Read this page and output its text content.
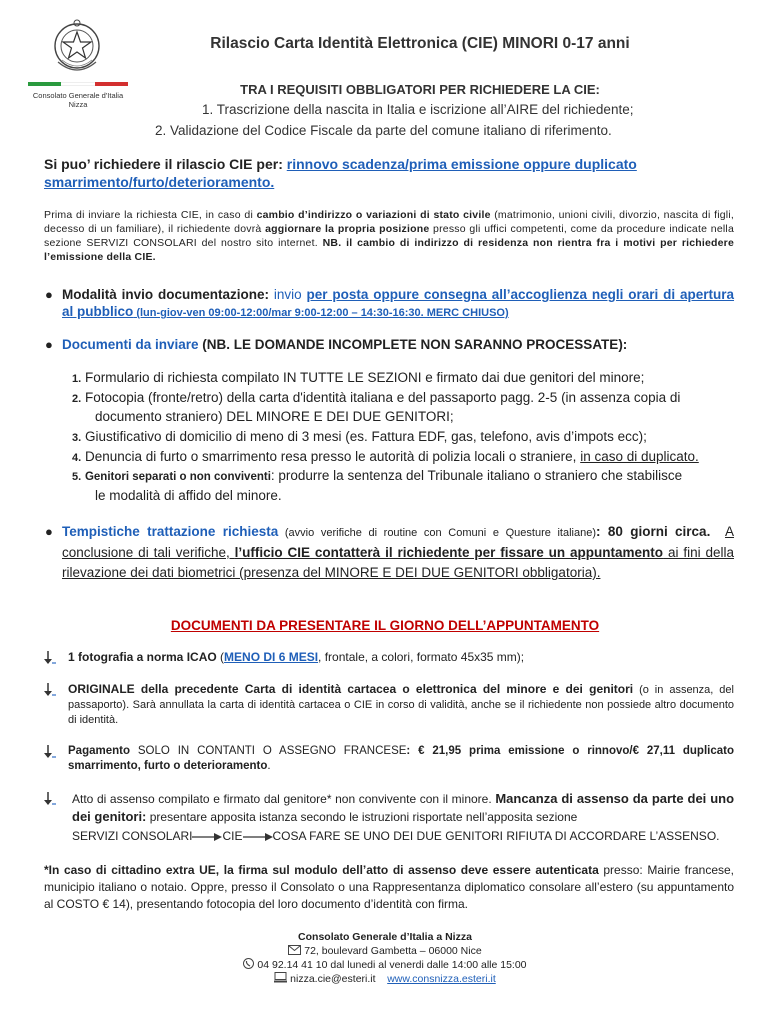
Consolato Generale d'Italia
Nizza
Rilascio Carta Identità Elettronica (CIE) MINORI 0-17 anni
TRA I REQUISITI OBBLIGATORI PER RICHIEDERE LA CIE:
1. Trascrizione della nascita in Italia e iscrizione all’AIRE del richiedente;
2. Validazione del Codice Fiscale da parte del comune italiano di riferimento.
Si puo’ richiedere il rilascio CIE per: rinnovo scadenza/prima emissione oppure duplicato
smarrimento/furto/deterioramento.
Prima di inviare la richiesta CIE, in caso di cambio d’indirizzo o variazioni di stato civile (matrimonio, unioni civili, divorzio, nascita di figli, decesso di un familiare), il richiedente dovrà aggiornare la propria posizione presso gli uffici competenti, come da procedure indicate nella sezione SERVIZI CONSOLARI del nostro sito internet. NB. il cambio di indirizzo di residenza non rientra fra i motivi per richiedere l’emissione della CIE.
● Modalità invio documentazione: invio per posta oppure consegna all’accoglienza negli orari di apertura al pubblico (lun-giov-ven 09:00-12:00/mar 9:00-12:00 – 14:30-16:30. MERC CHIUSO)
● Documenti da inviare (NB. LE DOMANDE INCOMPLETE NON SARANNO PROCESSATE):
1. Formulario di richiesta compilato IN TUTTE LE SEZIONI e firmato dai due genitori del minore;
2. Fotocopia (fronte/retro) della carta d'identità italiana e del passaporto pagg. 2-5 (in assenza copia di
documento straniero) DEL MINORE E DEI DUE GENITORI;
3. Giustificativo di domicilio di meno di 3 mesi (es. Fattura EDF, gas, telefono, avis d’impots ecc);
4. Denuncia di furto o smarrimento resa presso le autorità di polizia locali o straniere, in caso di duplicato.
5. Genitori separati o non conviventi: produrre la sentenza del Tribunale italiano o straniero che stabilisce
le modalità di affido del minore.
● Tempistiche trattazione richiesta (avvio verifiche di routine con Comuni e Questure italiane): 80 giorni circa. A conclusione di tali verifiche, l’ufficio CIE contatterà il richiedente per fissare un appuntamento ai fini della rilevazione dei dati biometrici (presenza del MINORE E DEI DUE GENITORI obbligatoria).
DOCUMENTI DA PRESENTARE IL GIORNO DELL’APPUNTAMENTO
1 fotografia a norma ICAO (MENO DI 6 MESI, frontale, a colori, formato 45x35 mm);
ORIGINALE della precedente Carta di identità cartacea o elettronica del minore e dei genitori (o in assenza, del passaporto). Sarà annullata la carta di identità cartacea o CIE in corso di validità, anche se il richiedente non possiede altro documento di identità.
Pagamento SOLO IN CONTANTI O ASSEGNO FRANCESE: € 21,95 prima emissione o rinnovo/€ 27,11 duplicato smarrimento, furto o deterioramento.
Atto di assenso compilato e firmato dal genitore* non convivente con il minore. Mancanza di assenso da parte dei uno dei genitori: presentare apposita istanza secondo le istruzioni risportate nell’apposita sezione
SERVIZI CONSOLARI	CIE	COSA FARE SE UNO DEI DUE GENITORI RIFIUTA DI ACCORDARE L’ASSENSO.
*In caso di cittadino extra UE, la firma sul modulo dell’atto di assenso deve essere autenticata presso: Mairie francese, municipio italiano o notaio. Oppre, presso il Consolato o una Rappresentanza diplomatico consolare all’estero (su appuntamento al COSTO € 14), presentando fotocopia del loro documento d’identità con firma.
Consolato Generale d’Italia a Nizza
72, boulevard Gambetta – 06000 Nice
04 92.14 41 10 dal lunedi al venerdi dalle 14:00 alle 15:00
nizza.cie@esteri.it www.consnizza.esteri.it
